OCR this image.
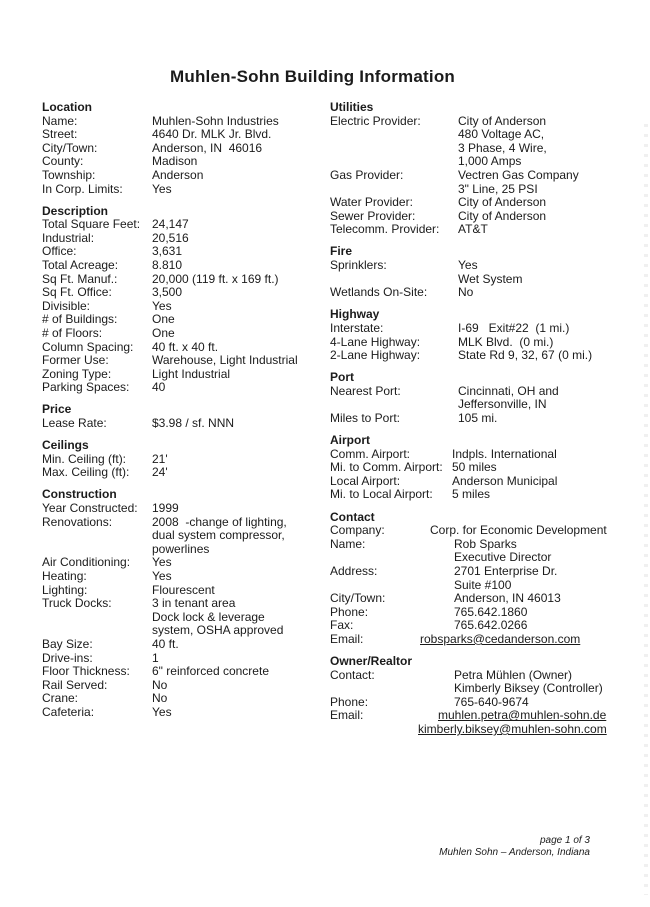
Muhlen-Sohn Building Information
Location
Name:	Muhlen-Sohn Industries
Street:	4640 Dr. MLK Jr. Blvd.
City/Town:	Anderson, IN  46016
County:	Madison
Township:	Anderson
In Corp. Limits:	Yes
Description
Total Square Feet: 24,147
Industrial:	20,516
Office:	3,631
Total Acreage:	8.810
Sq Ft. Manuf.:	20,000 (119 ft. x 169 ft.)
Sq Ft. Office:	3,500
Divisible:	Yes
# of Buildings:	One
# of Floors:	One
Column Spacing:	40 ft. x 40 ft.
Former Use:	Warehouse, Light Industrial
Zoning Type:	Light Industrial
Parking Spaces:	40
Price
Lease Rate:	$3.98 / sf. NNN
Ceilings
Min. Ceiling (ft):	21'
Max. Ceiling (ft):	24'
Construction
Year Constructed:	1999
Renovations:	2008  -change of lighting,
dual system compressor,
powerlines
Air Conditioning:	Yes
Heating:	Yes
Lighting:	Flourescent
Truck Docks:	3 in tenant area
Dock lock & leverage
system, OSHA approved
Bay Size:	40 ft.
Drive-ins:	1
Floor Thickness:	6" reinforced concrete
Rail Served:	No
Crane:	No
Cafeteria:	Yes
Utilities
Electric Provider:	City of Anderson
480 Voltage AC,
3 Phase, 4 Wire,
1,000 Amps
Gas Provider:	Vectren Gas Company
3" Line, 25 PSI
Water Provider:	City of Anderson
Sewer Provider:	City of Anderson
Telecomm. Provider:	AT&T
Fire
Sprinklers:	Yes
Wet System
Wetlands On-Site:	No
Highway
Interstate:	I-69   Exit#22  (1 mi.)
4-Lane Highway:	MLK Blvd.  (0 mi.)
2-Lane Highway:	State Rd 9, 32, 67 (0 mi.)
Port
Nearest Port:	Cincinnati, OH and
Jeffersonville, IN
Miles to Port:	105 mi.
Airport
Comm. Airport:	Indpls. International
Mi. to Comm. Airport: 50 miles
Local Airport:	Anderson Municipal
Mi. to Local Airport:	5 miles
Contact
Company:	Corp. for Economic Development
Name:	Rob Sparks
Executive Director
Address:	2701 Enterprise Dr.
Suite #100
City/Town:	Anderson, IN 46013
Phone:	765.642.1860
Fax:	765.642.0266
Email:	robsparks@cedanderson.com
Owner/Realtor
Contact:	Petra Mühlen (Owner)
Kimberly Biksey (Controller)
Phone:	765-640-9674
Email:	muhlen.petra@muhlen-sohn.de
kimberly.biksey@muhlen-sohn.com
page 1 of 3
Muhlen Sohn – Anderson, Indiana
